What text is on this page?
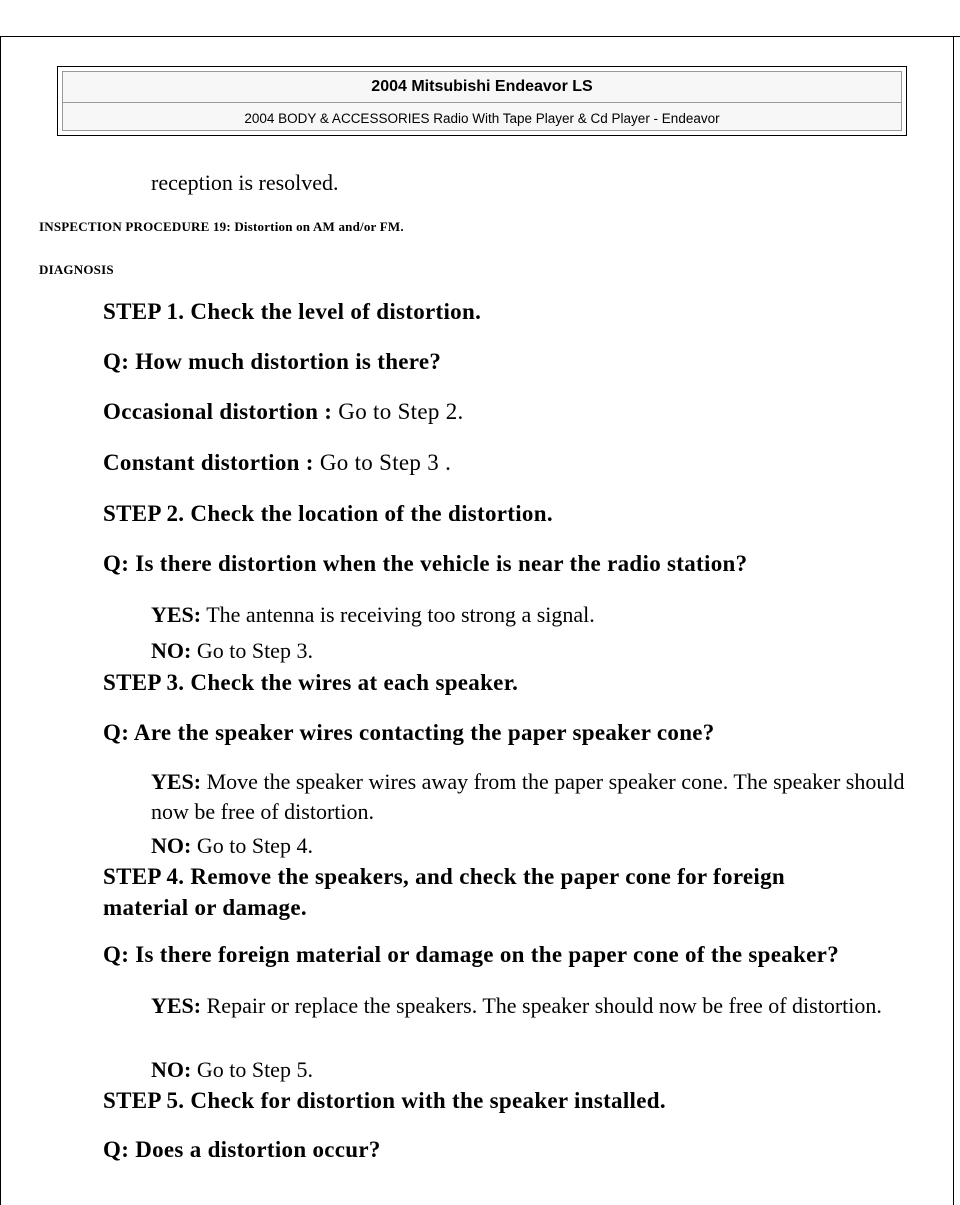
2004 Mitsubishi Endeavor LS
2004 BODY & ACCESSORIES Radio With Tape Player & Cd Player - Endeavor
reception is resolved.
INSPECTION PROCEDURE 19: Distortion on AM and/or FM.
DIAGNOSIS
STEP 1. Check the level of distortion.
Q: How much distortion is there?
Occasional distortion : Go to Step 2.
Constant distortion : Go to Step 3 .
STEP 2. Check the location of the distortion.
Q: Is there distortion when the vehicle is near the radio station?
YES: The antenna is receiving too strong a signal.
NO: Go to Step 3.
STEP 3. Check the wires at each speaker.
Q: Are the speaker wires contacting the paper speaker cone?
YES: Move the speaker wires away from the paper speaker cone. The speaker should now be free of distortion.
NO: Go to Step 4.
STEP 4. Remove the speakers, and check the paper cone for foreign
material or damage.
Q: Is there foreign material or damage on the paper cone of the speaker?
YES: Repair or replace the speakers. The speaker should now be free of distortion.
NO: Go to Step 5.
STEP 5. Check for distortion with the speaker installed.
Q: Does a distortion occur?
